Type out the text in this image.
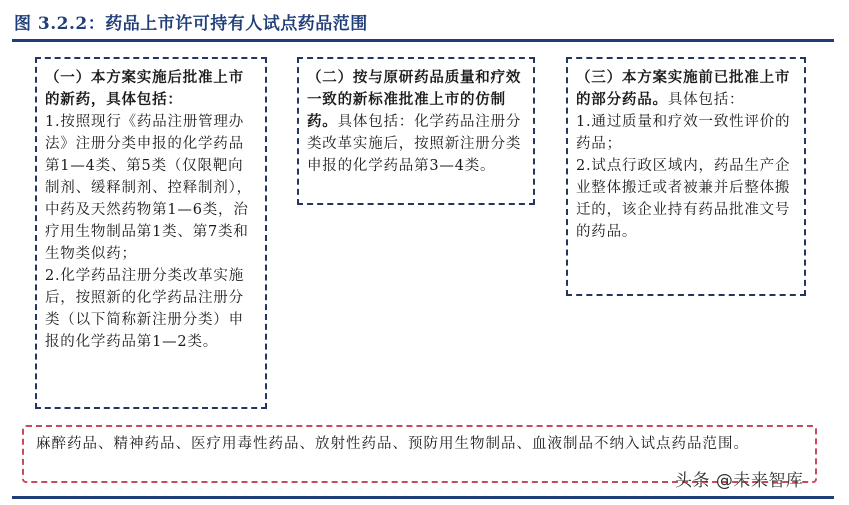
图 3.2.2：药品上市许可持有人试点药品范围
（一）本方案实施后批准上市的新药，具体包括：
1.按照现行《药品注册管理办法》注册分类申报的化学药品第1—4类、第5类（仅限靶向制剂、缓释制剂、控释制剂），中药及天然药物第1—6类，治疗用生物制品第1类、第7类和生物类似药；
2.化学药品注册分类改革实施后，按照新的化学药品注册分类（以下简称新注册分类）申报的化学药品第1—2类。
（二）按与原研药品质量和疗效一致的新标准批准上市的仿制药。具体包括：化学药品注册分类改革实施后，按照新注册分类申报的化学药品第3—4类。
（三）本方案实施前已批准上市的部分药品。具体包括：
1.通过质量和疗效一致性评价的药品；
2.试点行政区域内，药品生产企业整体搬迁或者被兼并后整体搬迁的，该企业持有药品批准文号的药品。
麻醉药品、精神药品、医疗用毒性药品、放射性药品、预防用生物制品、血液制品不纳入试点药品范围。
头条 @未来智库
